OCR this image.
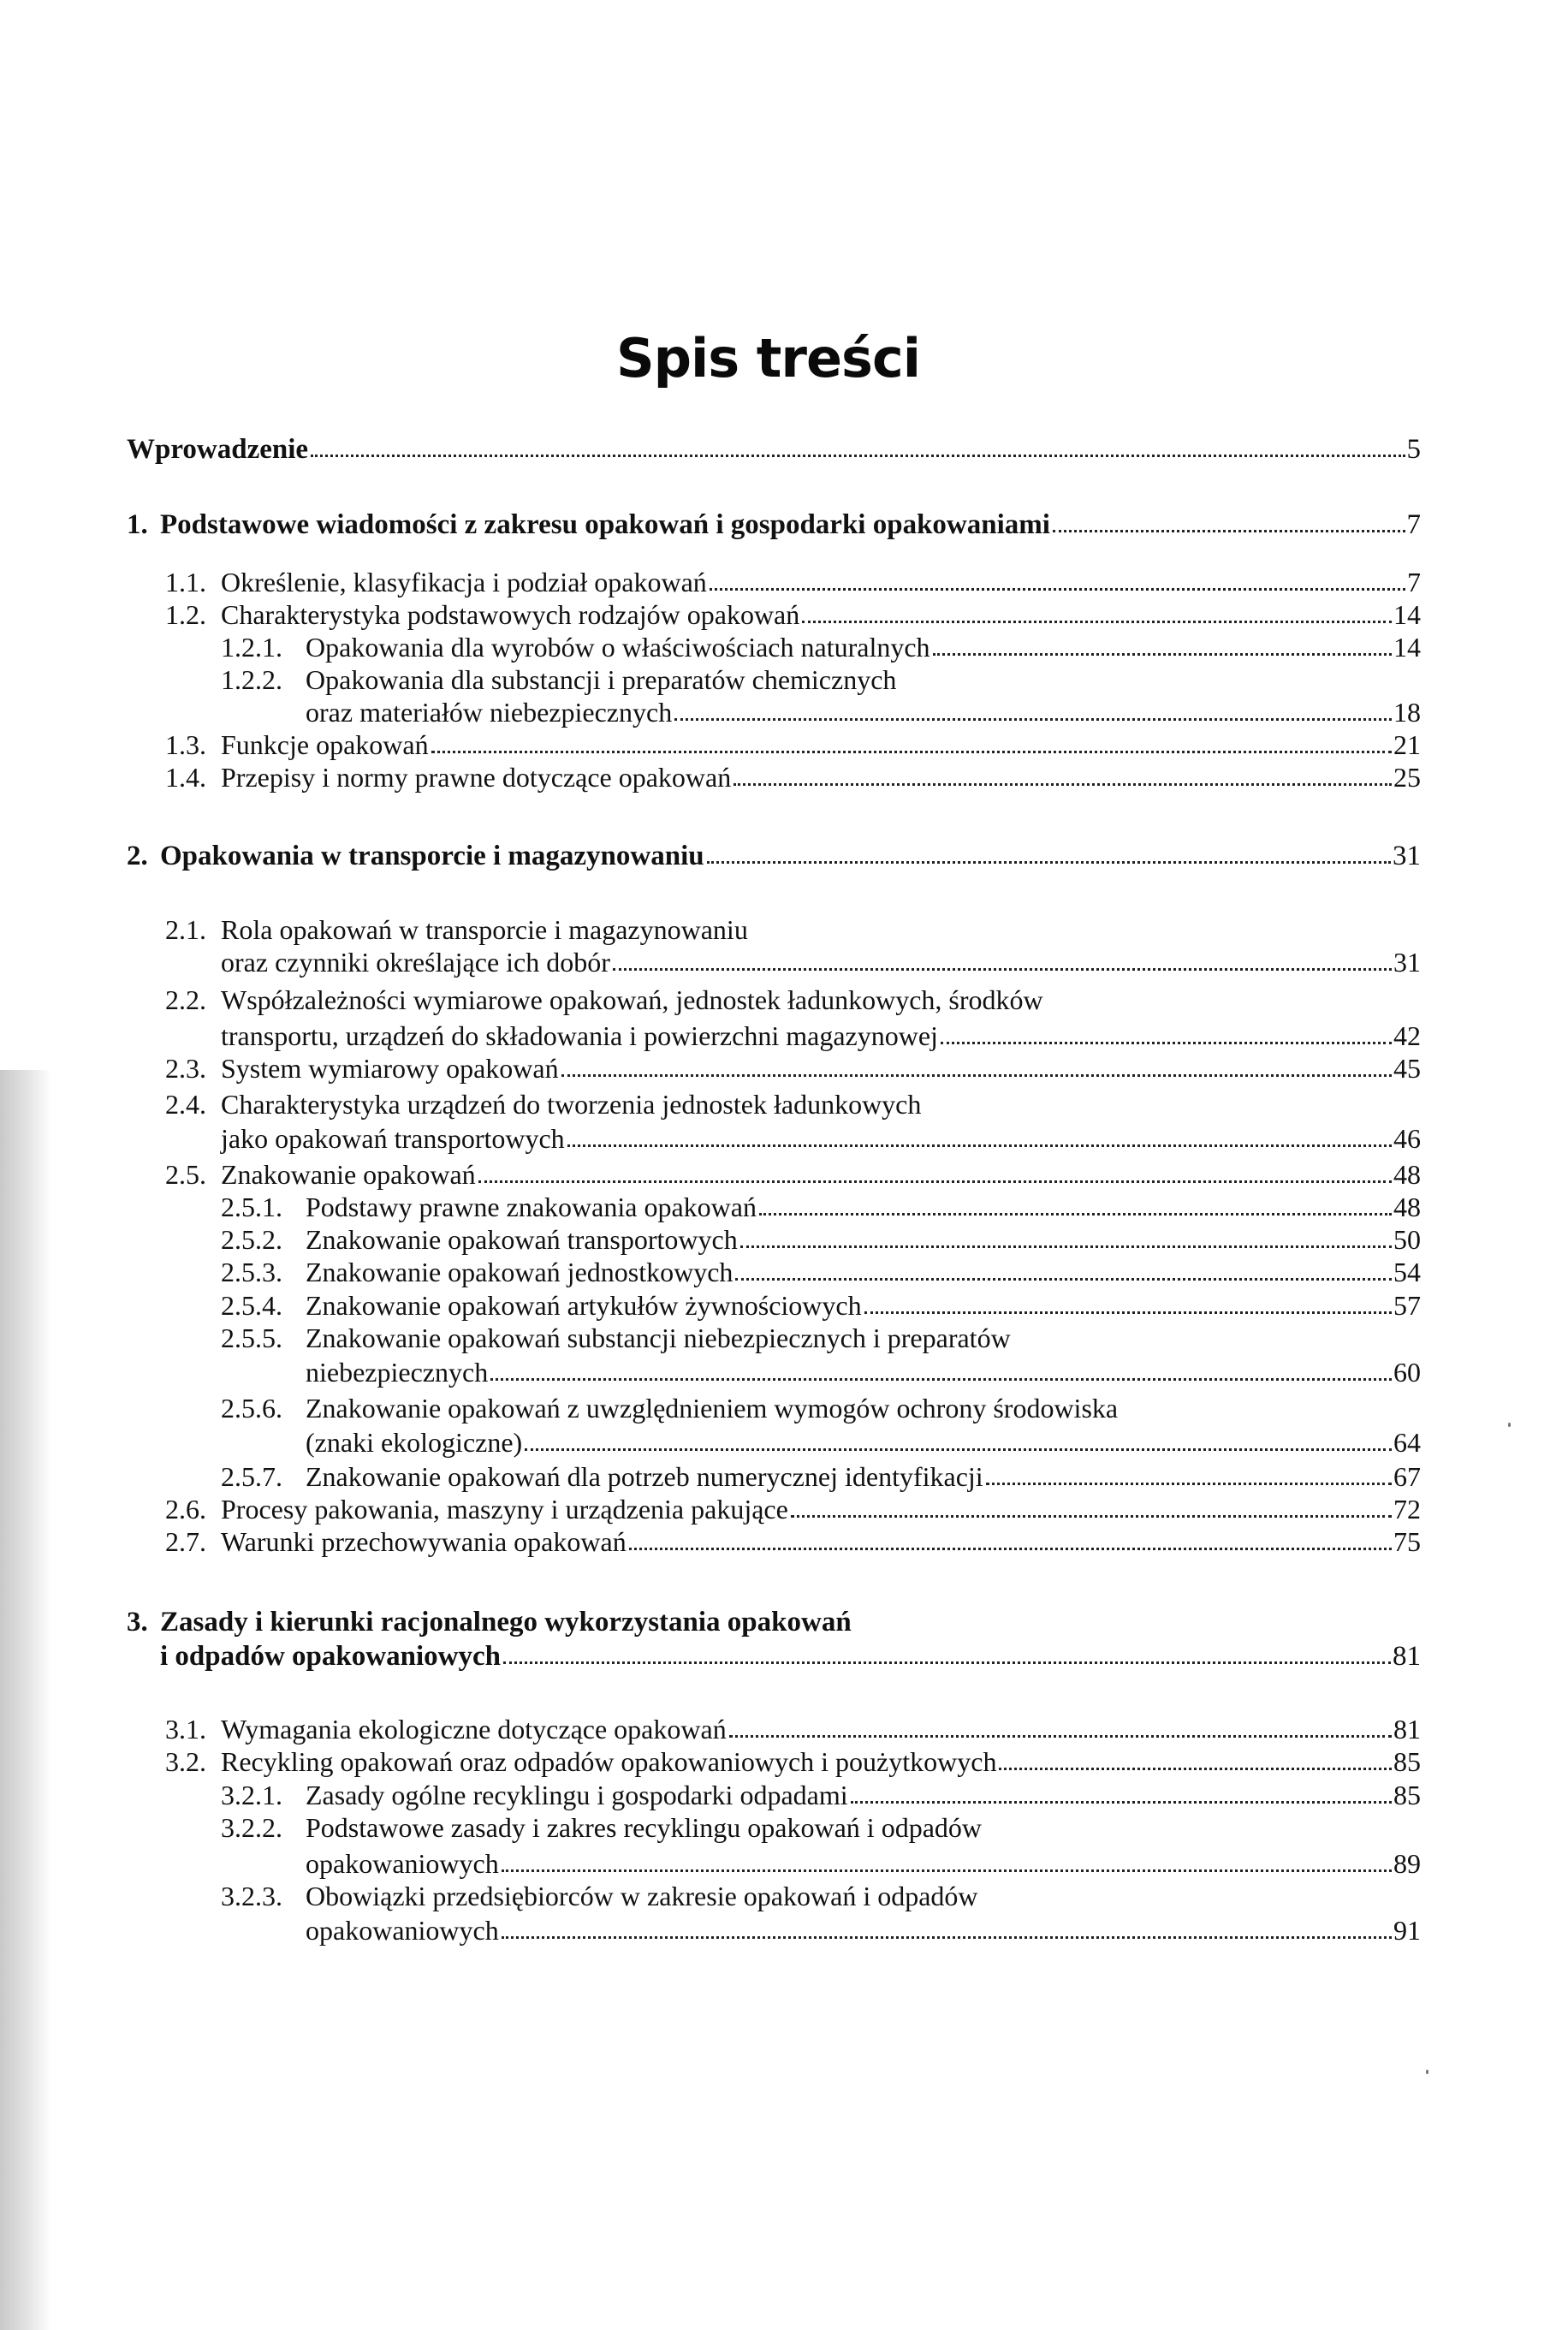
Spis treści
Wprowadzenie	5
1. Podstawowe wiadomości z zakresu opakowań i gospodarki opakowaniami	7
1.1. Określenie, klasyfikacja i podział opakowań	7
1.2. Charakterystyka podstawowych rodzajów opakowań	14
1.2.1. Opakowania dla wyrobów o właściwościach naturalnych	14
1.2.2. Opakowania dla substancji i preparatów chemicznych
oraz materiałów niebezpiecznych	18
1.3. Funkcje opakowań	21
1.4. Przepisy i normy prawne dotyczące opakowań	25
2. Opakowania w transporcie i magazynowaniu	31
2.1. Rola opakowań w transporcie i magazynowaniu
oraz czynniki określające ich dobór	31
2.2. Współzależności wymiarowe opakowań, jednostek ładunkowych, środków
transportu, urządzeń do składowania i powierzchni magazynowej	42
2.3. System wymiarowy opakowań	45
2.4. Charakterystyka urządzeń do tworzenia jednostek ładunkowych
jako opakowań transportowych	46
2.5. Znakowanie opakowań	48
2.5.1. Podstawy prawne znakowania opakowań	48
2.5.2. Znakowanie opakowań transportowych	50
2.5.3. Znakowanie opakowań jednostkowych	54
2.5.4. Znakowanie opakowań artykułów żywnościowych	57
2.5.5. Znakowanie opakowań substancji niebezpiecznych i preparatów
niebezpiecznych	60
2.5.6. Znakowanie opakowań z uwzględnieniem wymogów ochrony środowiska
(znaki ekologiczne)	64
2.5.7. Znakowanie opakowań dla potrzeb numerycznej identyfikacji	67
2.6. Procesy pakowania, maszyny i urządzenia pakujące	72
2.7. Warunki przechowywania opakowań	75
3. Zasady i kierunki racjonalnego wykorzystania opakowań
i odpadów opakowaniowych	81
3.1. Wymagania ekologiczne dotyczące opakowań	81
3.2. Recykling opakowań oraz odpadów opakowaniowych i poużytkowych	85
3.2.1. Zasady ogólne recyklingu i gospodarki odpadami	85
3.2.2. Podstawowe zasady i zakres recyklingu opakowań i odpadów
opakowaniowych	89
3.2.3. Obowiązki przedsiębiorców w zakresie opakowań i odpadów
opakowaniowych	91
